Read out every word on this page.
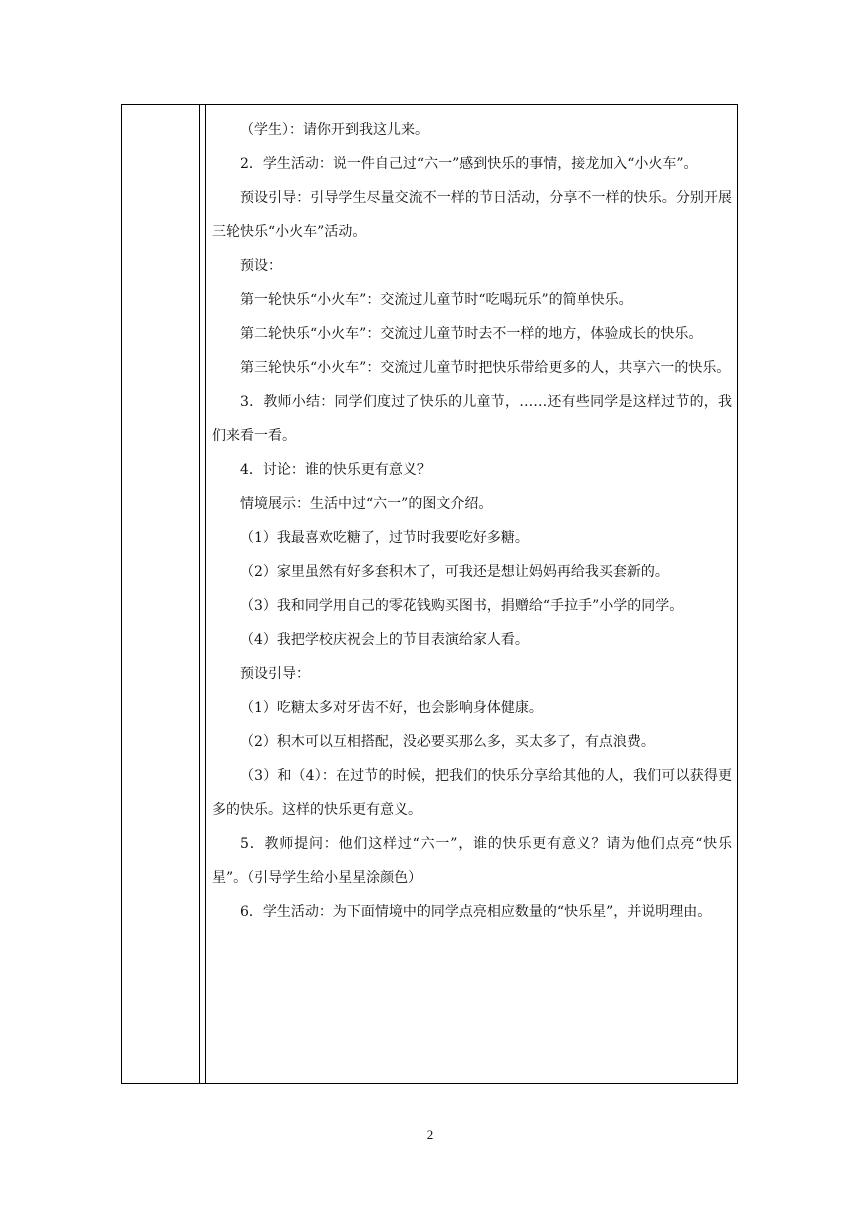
（学生）：请你开到我这儿来。

2．学生活动：说一件自己过“六一”感到快乐的事情，接龙加入“小火车”。

预设引导：引导学生尽量交流不一样的节日活动，分享不一样的快乐。分别开展三轮快乐“小火车”活动。

预设：

第一轮快乐“小火车”：交流过儿童节时“吃喝玩乐”的简单快乐。

第二轮快乐“小火车”：交流过儿童节时去不一样的地方，体验成长的快乐。

第三轮快乐“小火车”：交流过儿童节时把快乐带给更多的人，共享六一的快乐。

3．教师小结：同学们度过了快乐的儿童节，……还有些同学是这样过节的，我们来看一看。

4．讨论：谁的快乐更有意义？

情境展示：生活中过“六一”的图文介绍。

（1）我最喜欢吃糖了，过节时我要吃好多糖。

（2）家里虽然有好多套积木了，可我还是想让妈妈再给我买套新的。

（3）我和同学用自己的零花钱购买图书，捐赠给“手拉手”小学的同学。

（4）我把学校庆祝会上的节目表演给家人看。

预设引导：

（1）吃糖太多对牙齿不好，也会影响身体健康。

（2）积木可以互相搭配，没必要买那么多，买太多了，有点浪费。

（3）和（4）：在过节的时候，把我们的快乐分享给其他的人，我们可以获得更多的快乐。这样的快乐更有意义。

5．教师提问：他们这样过“六一”，谁的快乐更有意义？请为他们点亮“快乐星”。（引导学生给小星星涂颜色）

6．学生活动：为下面情境中的同学点亮相应数量的“快乐星”，并说明理由。

2
